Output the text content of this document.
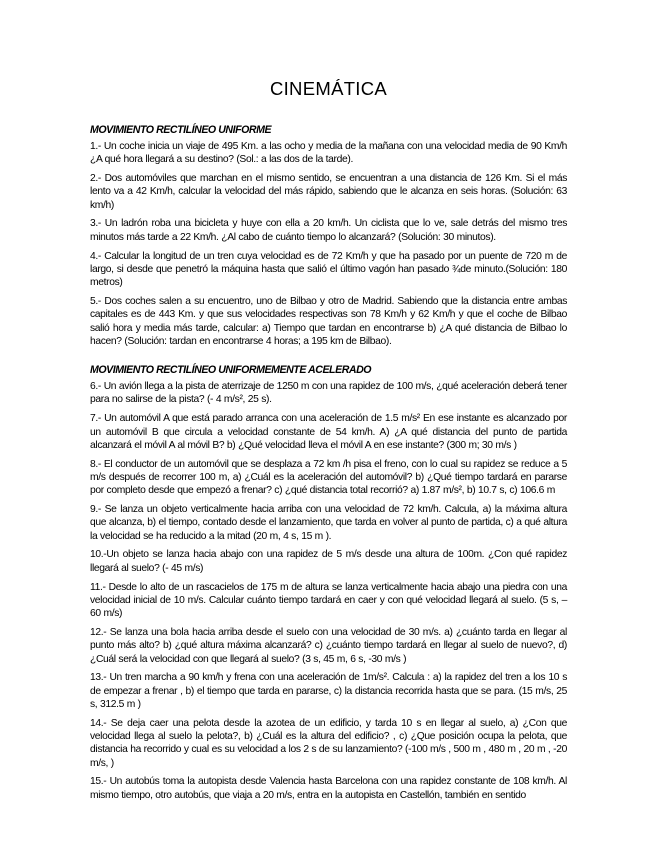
CINEMÁTICA
MOVIMIENTO RECTILÍNEO UNIFORME

1.- Un coche inicia un viaje de 495 Km. a las ocho y media de la mañana con una velocidad media de 90 Km/h ¿A qué hora llegará a su destino? (Sol.: a las dos de la tarde).

2.- Dos automóviles que marchan en el mismo sentido, se encuentran a una distancia de 126 Km. Si el más lento va a 42 Km/h, calcular la velocidad del más rápido, sabiendo que le alcanza en seis horas. (Solución: 63 km/h)

3.- Un ladrón roba una bicicleta y huye con ella a 20 km/h. Un ciclista que lo ve, sale detrás del mismo tres minutos más tarde a 22 Km/h. ¿Al cabo de cuánto tiempo lo alcanzará? (Solución: 30 minutos).

4.- Calcular la longitud de un tren cuya velocidad es de 72 Km/h y que ha pasado por un puente de 720 m de largo, si desde que penetró la máquina hasta que salió el último vagón han pasado ¾de minuto.(Solución: 180 metros)

5.- Dos coches salen a su encuentro, uno de Bilbao y otro de Madrid. Sabiendo que la distancia entre ambas capitales es de 443 Km. y que sus velocidades respectivas son 78 Km/h y 62 Km/h y que el coche de Bilbao salió hora y media más tarde, calcular: a) Tiempo que tardan en encontrarse b) ¿A qué distancia de Bilbao lo hacen? (Solución: tardan en encontrarse 4 horas; a 195 km de Bilbao).

MOVIMIENTO RECTILÍNEO UNIFORMEMENTE ACELERADO

6.- Un avión llega a la pista de aterrizaje de 1250 m con una rapidez de 100 m/s, ¿qué aceleración deberá tener para no salirse de la pista? (- 4 m/s², 25 s).

7.- Un automóvil A que está parado arranca con una aceleración de 1.5 m/s² En ese instante es alcanzado por un automóvil B que circula a velocidad constante de 54 km/h. A) ¿A qué distancia del punto de partida alcanzará el móvil A al móvil B? b) ¿Qué velocidad lleva el móvil A en ese instante? (300 m; 30 m/s )

8.- El conductor de un automóvil que se desplaza a 72 km /h pisa el freno, con lo cual su rapidez se reduce a 5 m/s después de recorrer 100 m, a) ¿Cuál es la aceleración del automóvil? b) ¿Qué tiempo tardará en pararse por completo desde que empezó a frenar? c) ¿qué distancia total recorrió? a) 1.87 m/s², b) 10.7 s, c) 106.6 m

9.- Se lanza un objeto verticalmente hacia arriba con una velocidad de 72 km/h. Calcula, a) la máxima altura que alcanza, b) el tiempo, contado desde el lanzamiento, que tarda en volver al punto de partida, c) a qué altura la velocidad se ha reducido a la mitad (20 m, 4 s, 15 m ).

10.-Un objeto se lanza hacia abajo con una rapidez de 5 m/s desde una altura de 100m. ¿Con qué rapidez llegará al suelo? (- 45 m/s)

11.- Desde lo alto de un rascacielos de 175 m de altura se lanza verticalmente hacia abajo una piedra con una velocidad inicial de 10 m/s. Calcular cuánto tiempo tardará en caer y con qué velocidad llegará al suelo. (5 s, – 60 m/s)

12.- Se lanza una bola hacia arriba desde el suelo con una velocidad de 30 m/s. a) ¿cuánto tarda en llegar al punto más alto? b) ¿qué altura máxima alcanzará? c) ¿cuánto tiempo tardará en llegar al suelo de nuevo?, d) ¿Cuál será la velocidad con que llegará al suelo? (3 s, 45 m, 6 s, -30 m/s )

13.- Un tren marcha a 90 km/h y frena con una aceleración de 1m/s². Calcula : a) la rapidez del tren a los 10 s de empezar a frenar , b) el tiempo que tarda en pararse, c) la distancia recorrida hasta que se para. (15 m/s, 25 s, 312.5 m )

14.- Se deja caer una pelota desde la azotea de un edificio, y tarda 10 s en llegar al suelo, a) ¿Con que velocidad llega al suelo la pelota?, b) ¿Cuál es la altura del edificio? , c) ¿Que posición ocupa la pelota, que distancia ha recorrido y cual es su velocidad a los 2 s de su lanzamiento? (-100 m/s , 500 m , 480 m , 20 m , -20 m/s, )

15.- Un autobús toma la autopista desde Valencia hasta Barcelona con una rapidez constante de 108 km/h. Al mismo tiempo, otro autobús, que viaja a 20 m/s, entra en la autopista en Castellón, también en sentido
